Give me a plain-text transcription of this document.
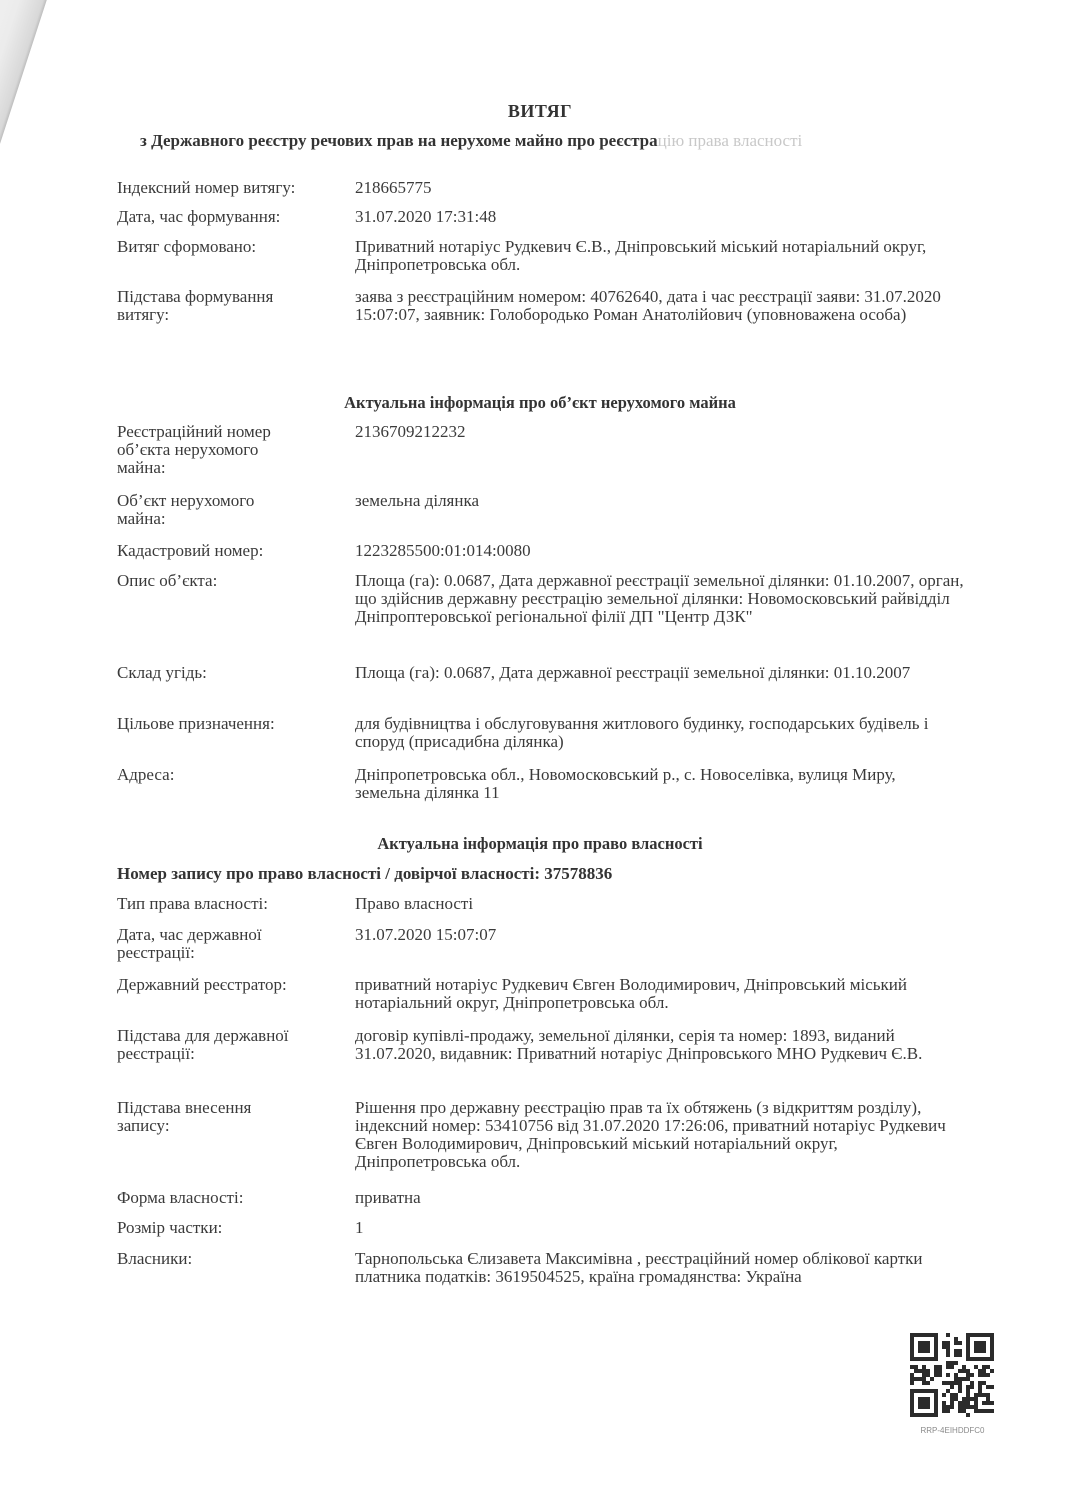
ВИТЯГ
з Державного реєстру речових прав на нерухоме майно про реєстрацію права власності
Індексний номер витягу:	218665775
Дата, час формування:	31.07.2020 17:31:48
Витяг сформовано:	Приватний нотаріус Рудкевич Є.В., Дніпровський міський нотаріальний округ, Дніпропетровська обл.
Підстава формування витягу:
заява з реєстраційним номером: 40762640, дата і час реєстрації заяви: 31.07.2020 15:07:07, заявник: Голобородько Роман Анатолійович (уповноважена особа)
Актуальна інформація про об’єкт нерухомого майна
Реєстраційний номер об’єкта нерухомого майна:
2136709212232
Об’єкт нерухомого майна:
земельна ділянка
Кадастровий номер:	1223285500:01:014:0080
Опис об’єкта:	Площа (га): 0.0687, Дата державної реєстрації земельної ділянки: 01.10.2007, орган, що здійснив державну реєстрацію земельної ділянки: Новомосковський райвідділ Дніпроптеровської регіональної філії ДП "Центр ДЗК"
Склад угідь:	Площа (га): 0.0687, Дата державної реєстрації земельної ділянки: 01.10.2007
Цільове призначення:	для будівництва і обслуговування житлового будинку, господарських будівель і споруд (присадибна ділянка)
Адреса:	Дніпропетровська обл., Новомосковський р., с. Новоселівка, вулиця Миру, земельна ділянка 11
Актуальна інформація про право власності
Номер запису про право власності / довірчої власності: 37578836
Тип права власності:	Право власності
Дата, час державної реєстрації:
31.07.2020 15:07:07
Державний реєстратор:	приватний нотаріус Рудкевич Євген Володимирович, Дніпровський міський нотаріальний округ, Дніпропетровська обл.
Підстава для державної реєстрації:
договір купівлі-продажу, земельної ділянки, серія та номер: 1893, виданий 31.07.2020, видавник: Приватний нотаріус Дніпровського МНО Рудкевич Є.В.
Підстава внесення запису:
Рішення про державну реєстрацію прав та їх обтяжень (з відкриттям розділу), індексний номер: 53410756 від 31.07.2020 17:26:06, приватний нотаріус Рудкевич Євген Володимирович, Дніпровський міський нотаріальний округ, Дніпропетровська обл.
Форма власності:	приватна
Розмір частки:	1
Власники:	Тарнопольська Єлизавета Максимівна , реєстраційний номер облікової картки платника податків: 3619504525, країна громадянства: Україна
RRP-4EIHDDFC0
